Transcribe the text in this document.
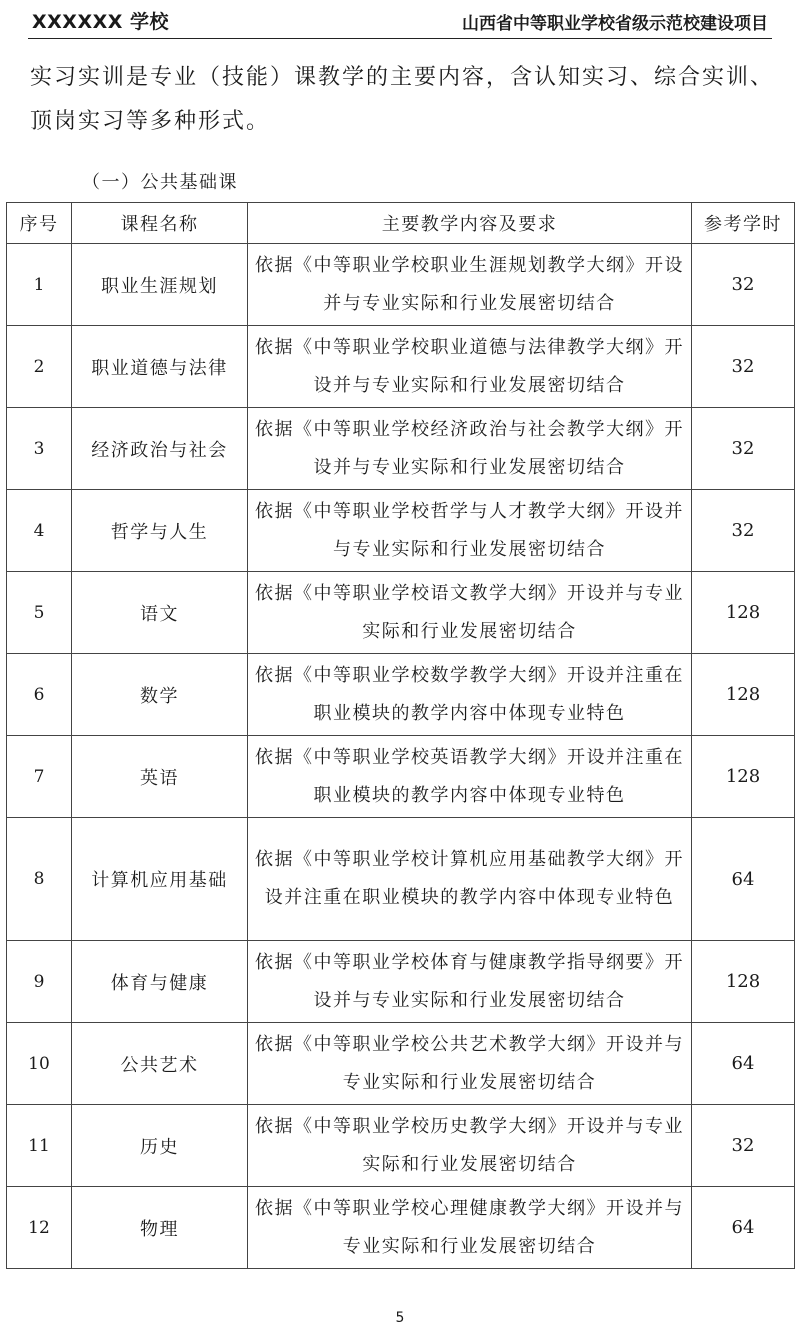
XXXXXX 学校	山西省中等职业学校省级示范校建设项目

实习实训是专业（技能）课教学的主要内容，含认知实习、综合实训、顶岗实习等多种形式。

（一）公共基础课
序号	课程名称	主要教学内容及要求	参考学时
1	职业生涯规划	依据《中等职业学校职业生涯规划教学大纲》开设并与专业实际和行业发展密切结合	32
2	职业道德与法律	依据《中等职业学校职业道德与法律教学大纲》开设并与专业实际和行业发展密切结合	32
3	经济政治与社会	依据《中等职业学校经济政治与社会教学大纲》开设并与专业实际和行业发展密切结合	32
4	哲学与人生	依据《中等职业学校哲学与人才教学大纲》开设并与专业实际和行业发展密切结合	32
5	语文	依据《中等职业学校语文教学大纲》开设并与专业实际和行业发展密切结合	128
6	数学	依据《中等职业学校数学教学大纲》开设并注重在职业模块的教学内容中体现专业特色	128
7	英语	依据《中等职业学校英语教学大纲》开设并注重在职业模块的教学内容中体现专业特色	128
8	计算机应用基础	依据《中等职业学校计算机应用基础教学大纲》开设并注重在职业模块的教学内容中体现专业特色	64
9	体育与健康	依据《中等职业学校体育与健康教学指导纲要》开设并与专业实际和行业发展密切结合	128
10	公共艺术	依据《中等职业学校公共艺术教学大纲》开设并与专业实际和行业发展密切结合	64
11	历史	依据《中等职业学校历史教学大纲》开设并与专业实际和行业发展密切结合	32
12	物理	依据《中等职业学校心理健康教学大纲》开设并与专业实际和行业发展密切结合	64
5
